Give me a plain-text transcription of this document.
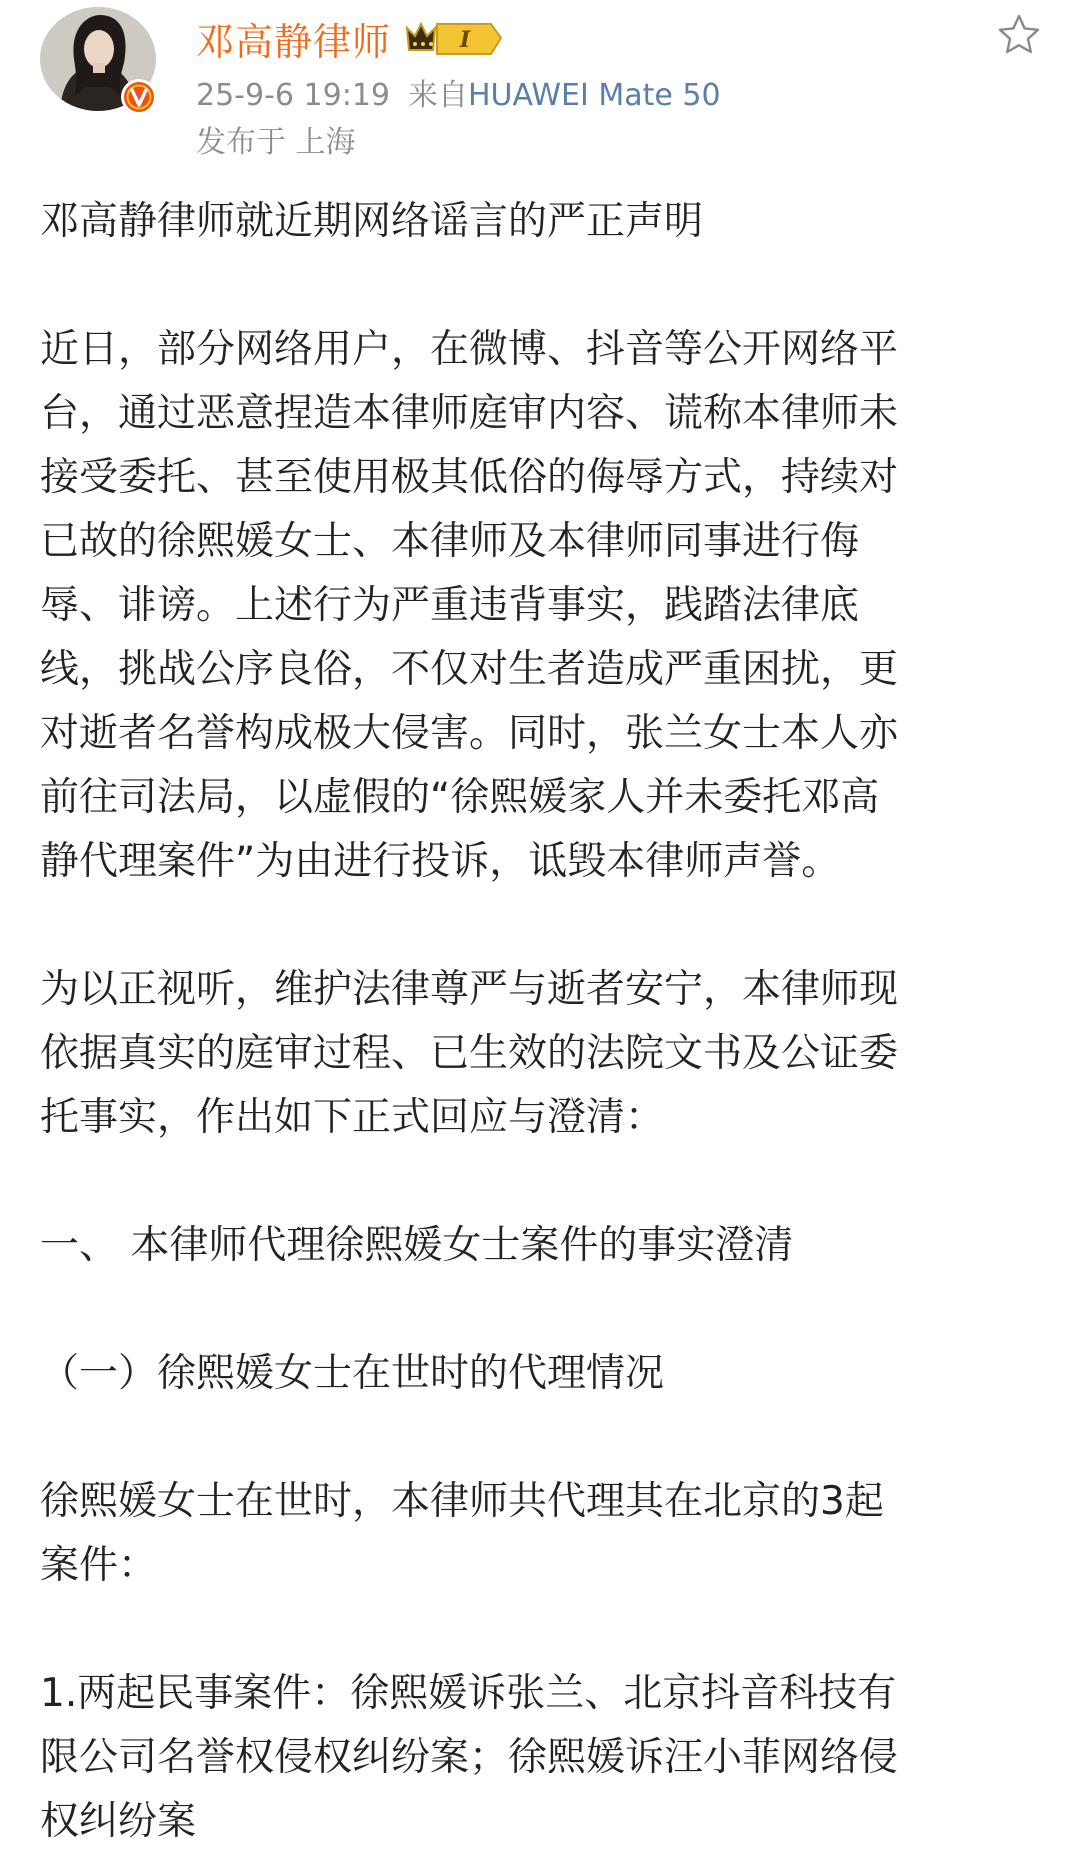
邓高静律师	I
25-9-6 19:19 来自HUAWEI Mate 50
发布于 上海

邓高静律师就近期网络谣言的严正声明

近日，部分网络用户，在微博、抖音等公开网络平

台，通过恶意捏造本律师庭审内容、谎称本律师未

接受委托、甚至使用极其低俗的侮辱方式，持续对

已故的徐熙媛女士、本律师及本律师同事进行侮

辱、诽谤。上述行为严重违背事实，践踏法律底

线，挑战公序良俗，不仅对生者造成严重困扰，更

对逝者名誉构成极大侵害。同时，张兰女士本人亦

前往司法局，以虚假的“徐熙媛家人并未委托邓高

静代理案件”为由进行投诉，诋毁本律师声誉。

为以正视听，维护法律尊严与逝者安宁，本律师现

依据真实的庭审过程、已生效的法院文书及公证委

托事实，作出如下正式回应与澄清：

一、 本律师代理徐熙媛女士案件的事实澄清

（一）徐熙媛女士在世时的代理情况

徐熙媛女士在世时，本律师共代理其在北京的3起

案件：

1.两起民事案件：徐熙媛诉张兰、北京抖音科技有

限公司名誉权侵权纠纷案；徐熙媛诉汪小菲网络侵

权纠纷案
